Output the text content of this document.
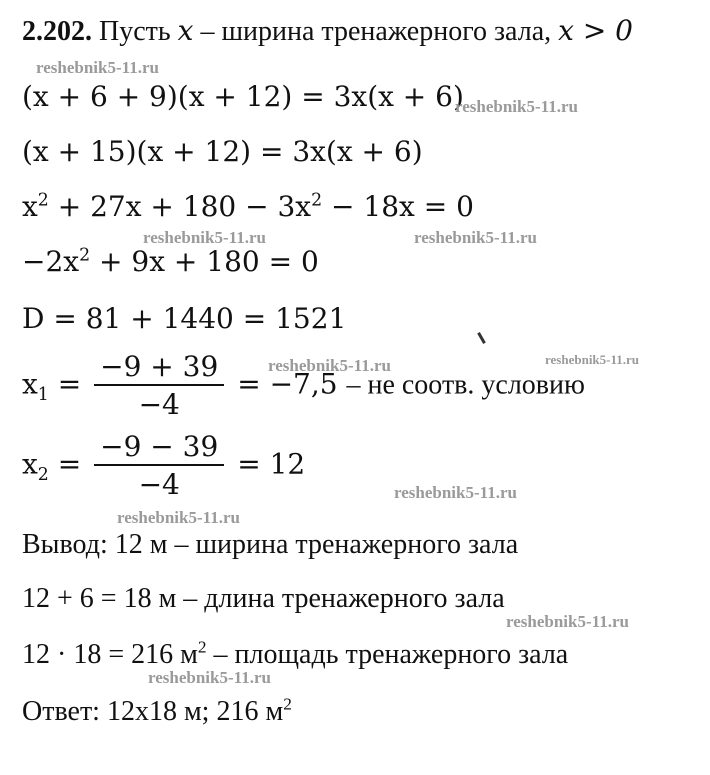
2.202. Пусть x – ширина тренажерного зала, x > 0
(x + 6 + 9)(x + 12) = 3x(x + 6)
(x + 15)(x + 12) = 3x(x + 6)
$x^2 + 27x + 180 - 3x^2 - 18x = 0$
$-2x^2 + 9x + 180 = 0$
D = 81 + 1440 = 1521
$x_1 = \frac{-9 + 39}{-4} = -7,5$ – не соотв. условию
$x_2 = \frac{-9 - 39}{-4} = 12$
Вывод: 12 м – ширина тренажерного зала
12 + 6 = 18 м – длина тренажерного зала
12 · 18 = 216 $м^2$ – площадь тренажерного зала
Ответ: 12х18 м; 216 $м^2$
reshebnik5-11.ru
reshebnik5-11.ru
reshebnik5-11.ru	reshebnik5-11.ru
reshebnik5-11.ru	reshebnik5-11.ru
reshebnik5-11.ru
reshebnik5-11.ru
reshebnik5-11.ru
reshebnik5-11.ru
